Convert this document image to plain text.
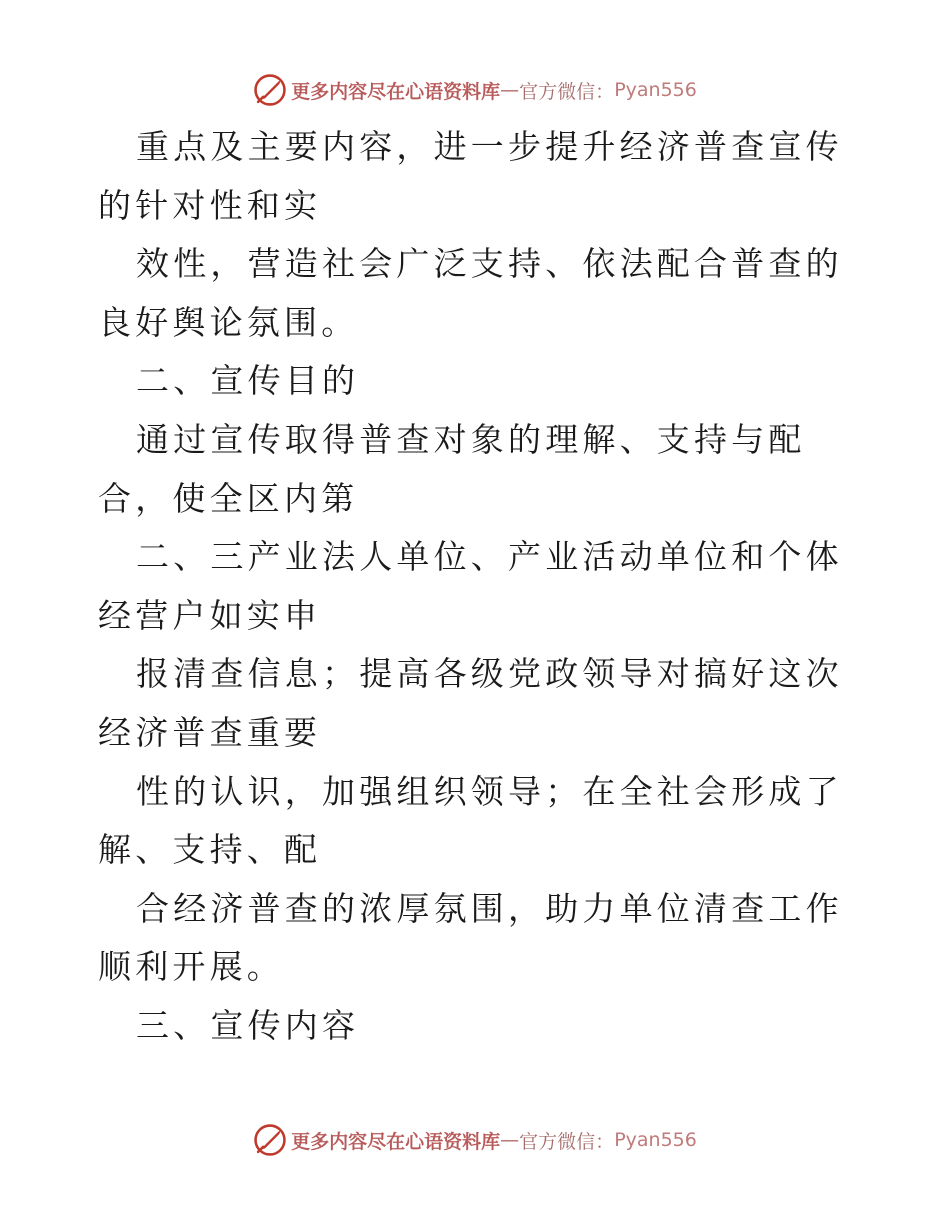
更多内容尽在心语资料库 — 官方微信： Pyan556

重点及主要内容，进一步提升经济普查宣传的针对性和实

效性，营造社会广泛支持、依法配合普查的良好舆论氛围。

二、宣传目的

通过宣传取得普查对象的理解、支持与配合，使全区内第

二、三产业法人单位、产业活动单位和个体经营户如实申

报清查信息；提高各级党政领导对搞好这次经济普查重要

性的认识，加强组织领导；在全社会形成了解、支持、配

合经济普查的浓厚氛围，助力单位清查工作顺利开展。

三、宣传内容

更多内容尽在心语资料库 — 官方微信： Pyan556
